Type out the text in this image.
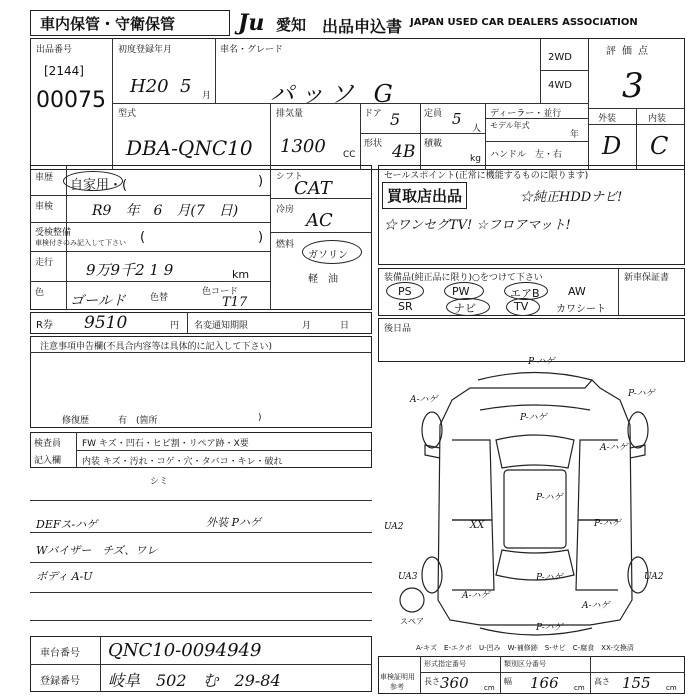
車内保管・守衛保管	Ju 愛知 出品申込書 JAPAN USED CAR DEALERS ASSOCIATION
出品番号
[2144]
00075
初度登録年月
H20 5 月
車名・グレード
パッソ G
2WD
4WD
評価点
3
外装	内装
D C
型式
DBA-QNC10
排気量
1300 CC
ドア 5
形状 4B
定員 5
人
積載
kg
ディーラー・並行
モデル年式
年
ハンドル　左・右
車歴 自家用・(	)
車検	R9　年　6　月(7　日)
受検整備
車検付きのみ記入して下さい (	)
走行 9万9千2 1 9	km
色 ゴールド	色替
色コード
T17
シフト
CAT
冷房 AC
燃料
ガソリン
軽　油
R券 9510	円 名変通知期限	月	日
セールスポイント(正常に機能するものに限ります)
買取店出品	☆純正HDDナビ!
☆ワンセグTV! ☆フロアマット!
装備品(純正品に限り)○をつけて下さい	新車保証書
PS	PW	エアB	AW
SR	ナビ	TV	カワシート
後日品
注意事項申告欄(不具合内容等は具体的に記入して下さい)
修復歴	有　(箇所	)
検査員
記入欄
FW キズ・凹石・ヒビ割・リペア跡・X要
内装 キズ・汚れ・コゲ・穴・タバコ・キレ・破れ
シミ
DEFス-ハゲ	外装 Pハゲ
Wバイザー　チズ、ワレ
ボディ A-U
P-ハゲ
A-ハゲ
P-ハゲ
P-ハゲ
A-ハゲ
XX
UA2
P-ハゲ
P-ハゲ
UA3	P-ハゲ
A-ハゲ
UA2
A-ハゲ
P-ハゲ
スペア
A-キズ　E-エクボ　U-凹み　W-補修跡　S-サビ　C-腐食　XX-交換済
車台番号 QNC10-0094949
登録番号 岐阜　502　む　29-84
形式指定番号	類別区分番号
車検証明用
参考
長さ 360 cm
幅 166 cm
高さ 155 cm
